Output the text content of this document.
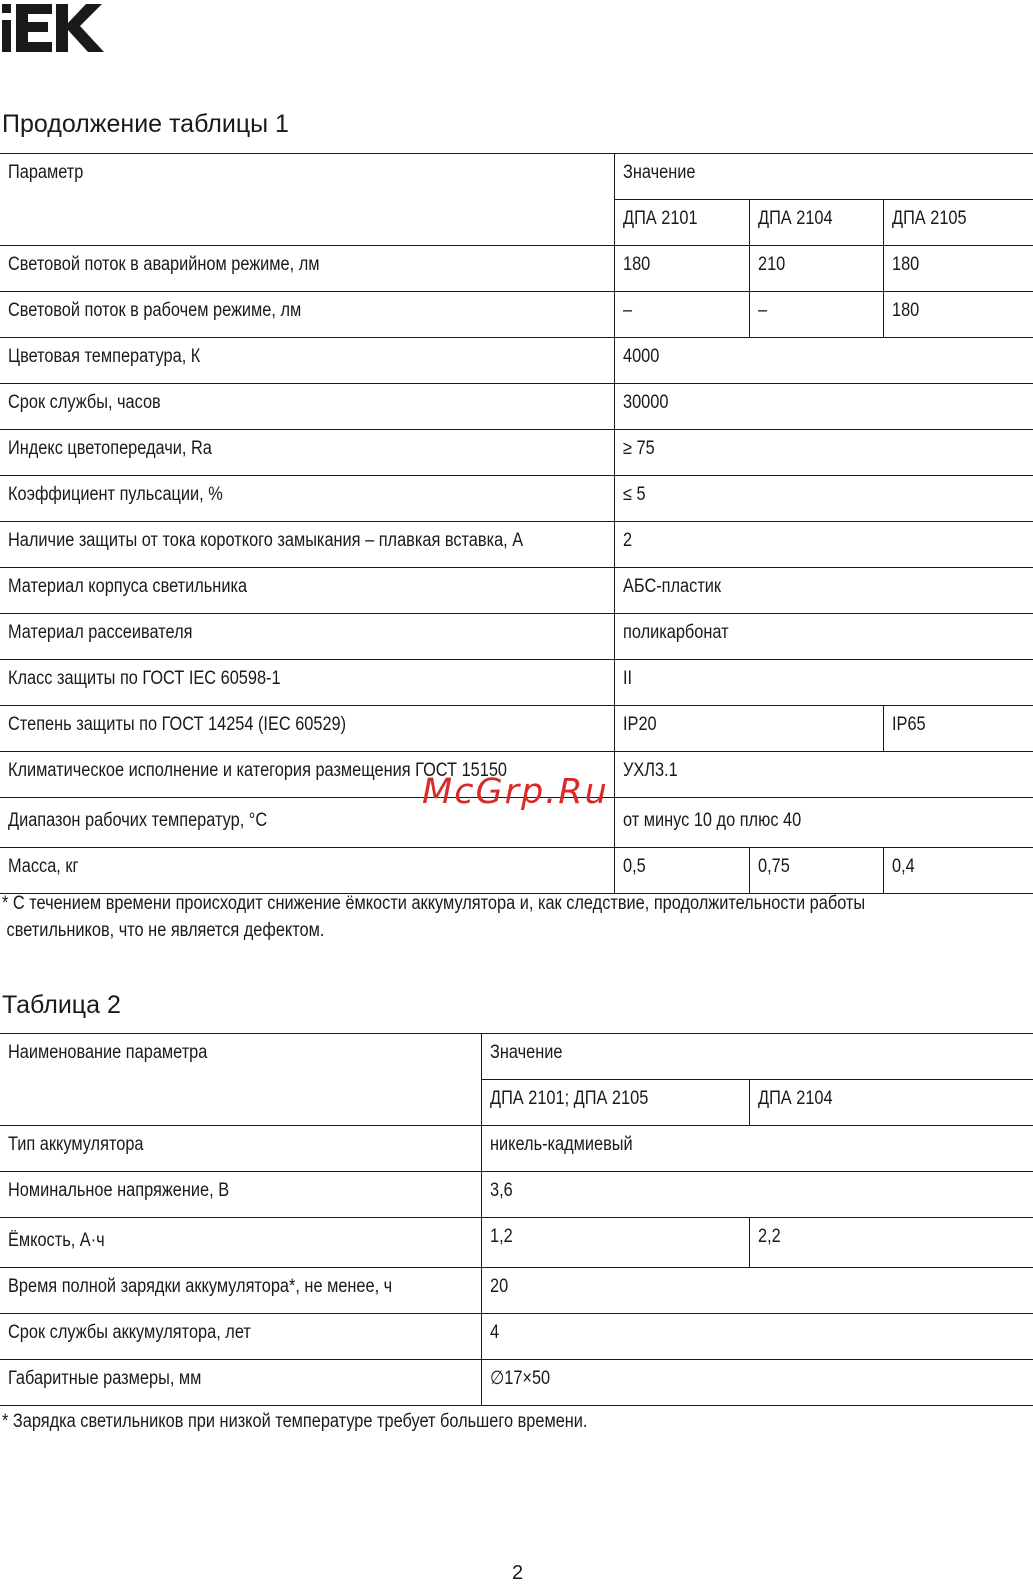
Продолжение таблицы 1
Параметр	Значение		
	ДПА 2101	ДПА 2104	ДПА 2105
Световой поток в аварийном режиме, лм	180	210	180
Световой поток в рабочем режиме, лм	–	–	180
Цветовая температура, К	4000		
Срок службы, часов	30000		
Индекс цветопередачи, Ra	≥ 75		
Коэффициент пульсации, %	≤ 5		
Наличие защиты от тока короткого замыкания – плавкая вставка, А	2		
Материал корпуса светильника	АБС-пластик		
Материал рассеивателя	поликарбонат		
Класс защиты по ГОСТ IEC 60598-1	II		
Степень защиты по ГОСТ 14254 (IEC 60529)	IP20		IP65
Климатическое исполнение и категория размещения ГОСТ 15150	УХЛ3.1		
Диапазон рабочих температур, °С	от минус 10 до плюс 40		
Масса, кг	0,5	0,75	0,4
* С течением времени происходит снижение ёмкости аккумулятора и, как следствие, продолжительности работы
светильников, что не является дефектом.
Таблица 2
Наименование параметра	Значение	
	ДПА 2101; ДПА 2105	ДПА 2104
Тип аккумулятора	никель-кадмиевый	
Номинальное напряжение, В	3,6	
Ёмкость, А·ч	1,2	2,2
Время полной зарядки аккумулятора*, не менее, ч	20	
Срок службы аккумулятора, лет	4	
Габаритные размеры, мм	∅17×50	
* Зарядка светильников при низкой температуре требует большего времени.
McGrp.Ru
2
